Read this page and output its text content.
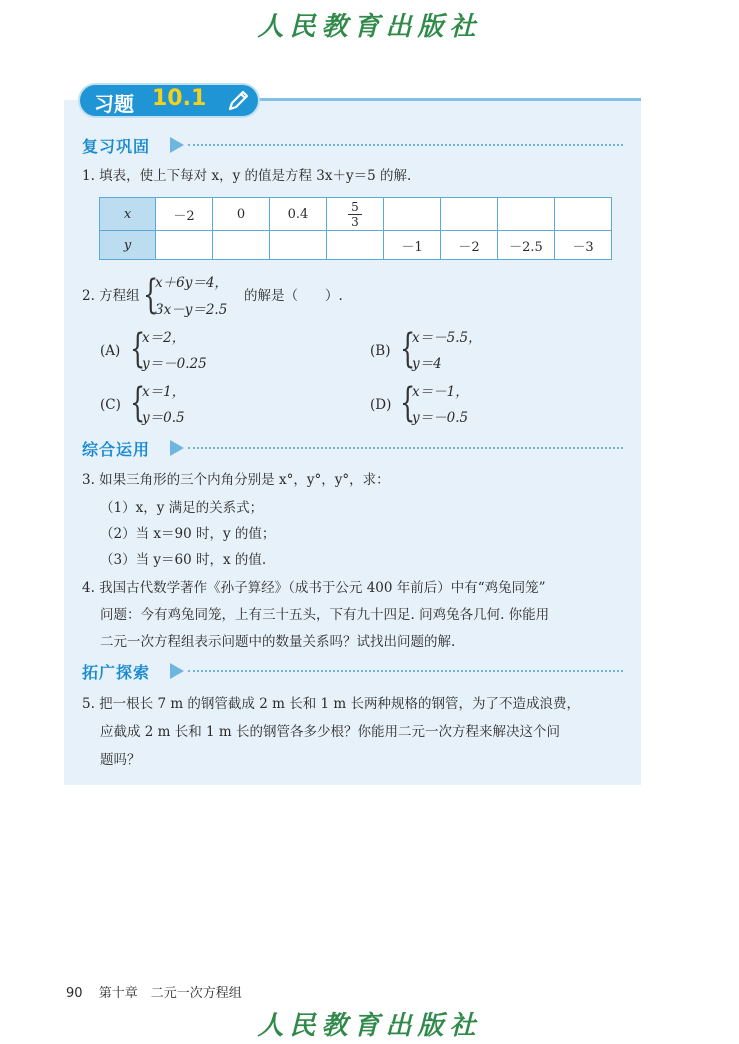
人民教育出版社
习题 10.1
复习巩固
1. 填表，使上下每对 x，y 的值是方程 3x＋y＝5 的解.
x	－2	0	0.4	$\frac{5}{3}$				
y					－1	－2	－2.5	－3
2. 方程组 {
x＋6y＝4，
3x－y＝2.5
的解是（　　）.
(A) {
x＝2，
y＝－0.25
(B) {
x＝－5.5，
y＝4
(C) {
x＝1，
y＝0.5
(D) {
x＝－1，
y＝－0.5
综合运用
3. 如果三角形的三个内角分别是 x°，y°，y°，求：
（1）x，y 满足的关系式；
（2）当 x＝90 时，y 的值；
（3）当 y＝60 时，x 的值.
4. 我国古代数学著作《孙子算经》（成书于公元 400 年前后）中有“鸡兔同笼”
问题：今有鸡兔同笼，上有三十五头，下有九十四足. 问鸡兔各几何. 你能用
二元一次方程组表示问题中的数量关系吗？试找出问题的解.
拓广探索
5. 把一根长 7 m 的钢管截成 2 m 长和 1 m 长两种规格的钢管，为了不造成浪费，
应截成 2 m 长和 1 m 长的钢管各多少根？你能用二元一次方程来解决这个问
题吗？
90 第十章　二元一次方程组
人民教育出版社
